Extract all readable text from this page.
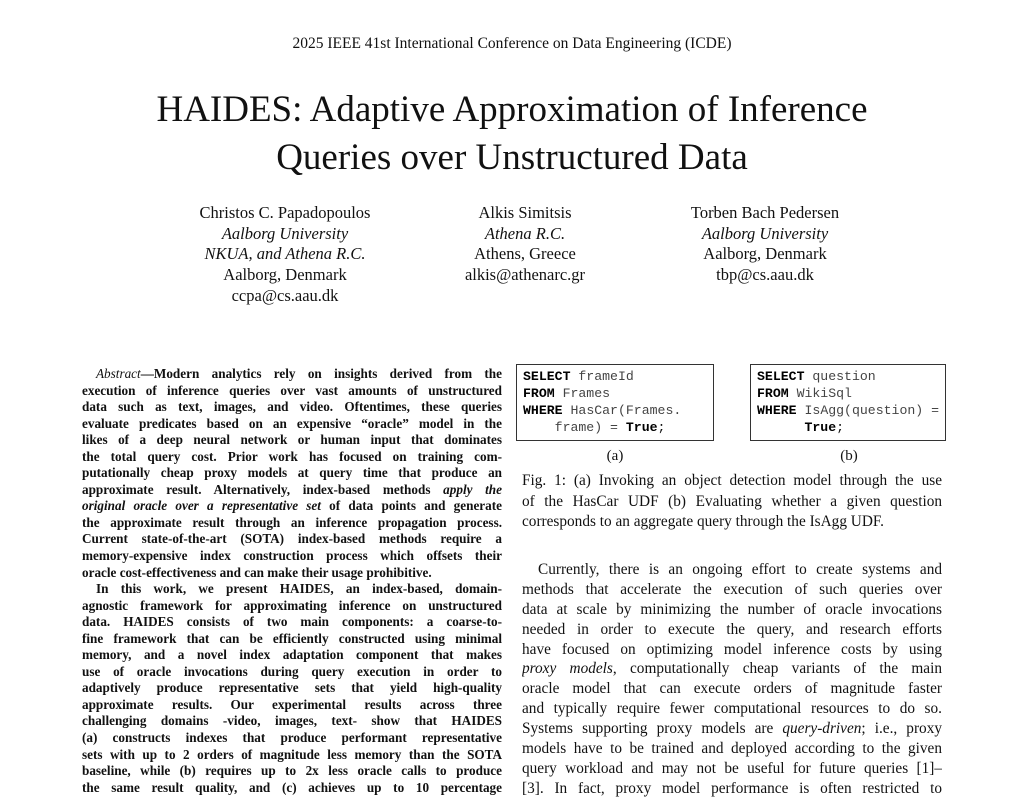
2025 IEEE 41st International Conference on Data Engineering (ICDE)
HAIDES: Adaptive Approximation of Inference
Queries over Unstructured Data
Christos C. Papadopoulos
Aalborg University
NKUA, and Athena R.C.
Aalborg, Denmark
ccpa@cs.aau.dk
Alkis Simitsis
Athena R.C.
Athens, Greece
alkis@athenarc.gr
Torben Bach Pedersen
Aalborg University
Aalborg, Denmark
tbp@cs.aau.dk
Abstract—Modern analytics rely on insights derived from the
execution of inference queries over vast amounts of unstructured
data such as text, images, and video. Oftentimes, these queries
evaluate predicates based on an expensive “oracle” model in the
likes of a deep neural network or human input that dominates
the total query cost. Prior work has focused on training com-
putationally cheap proxy models at query time that produce an
approximate result. Alternatively, index-based methods apply the
original oracle over a representative set of data points and generate
the approximate result through an inference propagation process.
Current state-of-the-art (SOTA) index-based methods require a
memory-expensive index construction process which offsets their
oracle cost-effectiveness and can make their usage prohibitive.
In this work, we present HAIDES, an index-based, domain-
agnostic framework for approximating inference on unstructured
data. HAIDES consists of two main components: a coarse-to-
fine framework that can be efficiently constructed using minimal
memory, and a novel index adaptation component that makes
use of oracle invocations during query execution in order to
adaptively produce representative sets that yield high-quality
approximate results. Our experimental results across three
challenging domains -video, images, text- show that HAIDES
(a) constructs indexes that produce performant representative
sets with up to 2 orders of magnitude less memory than the SOTA
baseline, while (b) requires up to 2x less oracle calls to produce
the same result quality, and (c) achieves up to 10 percentage
SELECT frameId
FROM Frames
WHERE HasCar(Frames.
frame) = True;
SELECT question
FROM WikiSql
WHERE IsAgg(question) =
True;
(a)	(b)
Fig. 1: (a) Invoking an object detection model through the use
of the HasCar UDF (b) Evaluating whether a given question
corresponds to an aggregate query through the IsAgg UDF.
Currently, there is an ongoing effort to create systems and
methods that accelerate the execution of such queries over
data at scale by minimizing the number of oracle invocations
needed in order to execute the query, and research efforts
have focused on optimizing model inference costs by using
proxy models, computationally cheap variants of the main
oracle model that can execute orders of magnitude faster
and typically require fewer computational resources to do so.
Systems supporting proxy models are query-driven; i.e., proxy
models have to be trained and deployed according to the given
query workload and may not be useful for future queries [1]–
[3]. In fact, proxy model performance is often restricted to
